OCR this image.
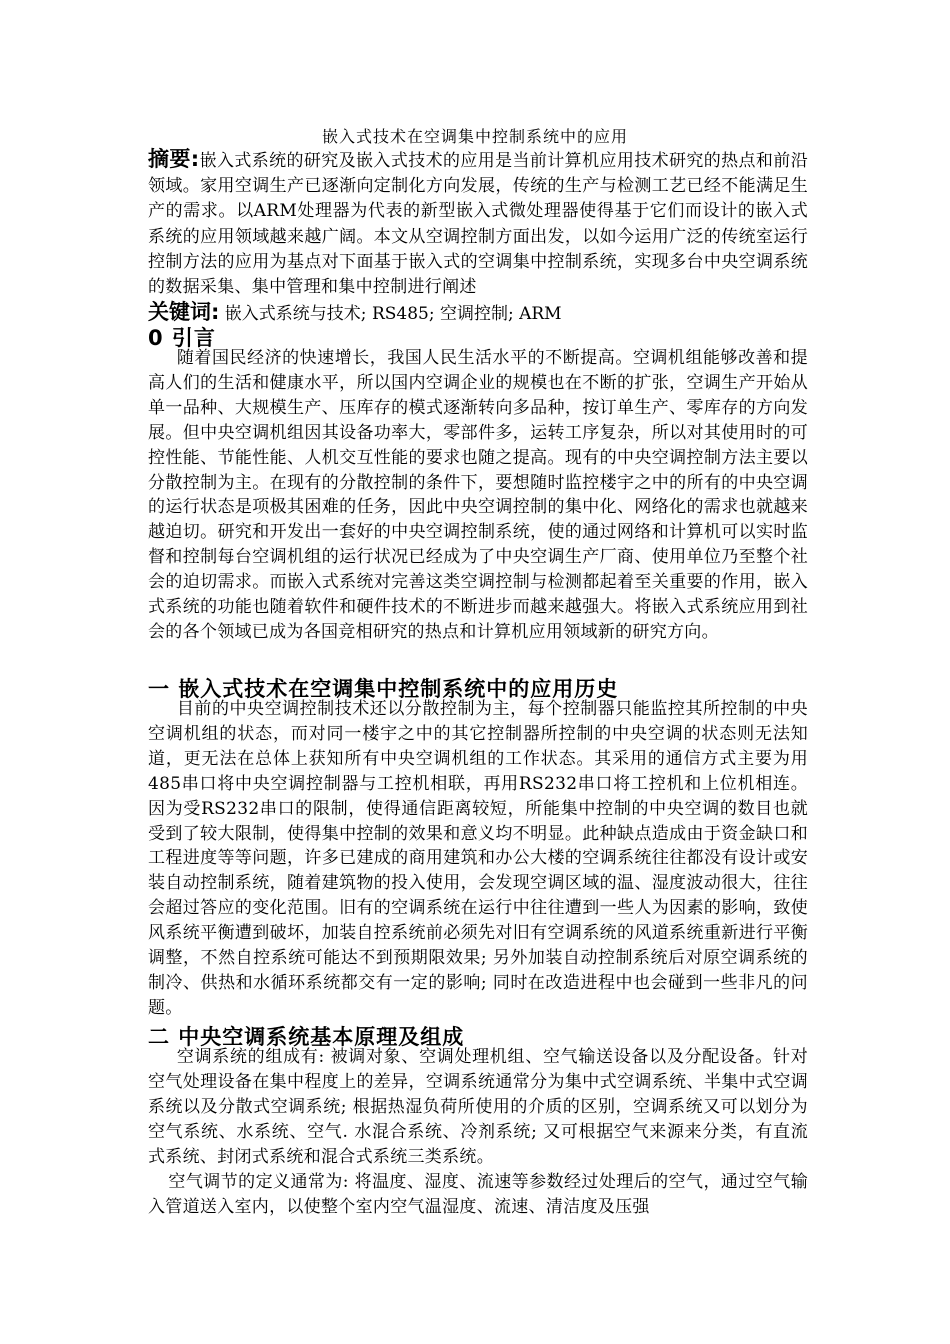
嵌入式技术在空调集中控制系统中的应用
摘要:嵌入式系统的研究及嵌入式技术的应用是当前计算机应用技术研究的热点和前沿领域。家用空调生产已逐渐向定制化方向发展，传统的生产与检测工艺已经不能满足生产的需求。以ARM处理器为代表的新型嵌入式微处理器使得基于它们而设计的嵌入式系统的应用领域越来越广阔。本文从空调控制方面出发，以如今运用广泛的传统室运行控制方法的应用为基点对下面基于嵌入式的空调集中控制系统，实现多台中央空调系统的数据采集、集中管理和集中控制进行阐述
关键词: 嵌入式系统与技术; RS485; 空调控制; ARM
0 引言
随着国民经济的快速增长，我国人民生活水平的不断提高。空调机组能够改善和提高人们的生活和健康水平，所以国内空调企业的规模也在不断的扩张，空调生产开始从单一品种、大规模生产、压库存的模式逐渐转向多品种，按订单生产、零库存的方向发展。但中央空调机组因其设备功率大，零部件多，运转工序复杂，所以对其使用时的可控性能、节能性能、人机交互性能的要求也随之提高。现有的中央空调控制方法主要以分散控制为主。在现有的分散控制的条件下，要想随时监控楼宇之中的所有的中央空调的运行状态是项极其困难的任务，因此中央空调控制的集中化、网络化的需求也就越来越迫切。研究和开发出一套好的中央空调控制系统，使的通过网络和计算机可以实时监督和控制每台空调机组的运行状况已经成为了中央空调生产厂商、使用单位乃至整个社会的迫切需求。而嵌入式系统对完善这类空调控制与检测都起着至关重要的作用，嵌入式系统的功能也随着软件和硬件技术的不断进步而越来越强大。将嵌入式系统应用到社会的各个领域已成为各国竞相研究的热点和计算机应用领域新的研究方向。
一 嵌入式技术在空调集中控制系统中的应用历史
目前的中央空调控制技术还以分散控制为主，每个控制器只能监控其所控制的中央空调机组的状态，而对同一楼宇之中的其它控制器所控制的中央空调的状态则无法知道，更无法在总体上获知所有中央空调机组的工作状态。其采用的通信方式主要为用485串口将中央空调控制器与工控机相联，再用RS232串口将工控机和上位机相连。因为受RS232串口的限制，使得通信距离较短，所能集中控制的中央空调的数目也就受到了较大限制，使得集中控制的效果和意义均不明显。此种缺点造成由于资金缺口和工程进度等等问题，许多已建成的商用建筑和办公大楼的空调系统往往都没有设计或安装自动控制系统，随着建筑物的投入使用，会发现空调区域的温、湿度波动很大，往往会超过答应的变化范围。旧有的空调系统在运行中往往遭到一些人为因素的影响，致使风系统平衡遭到破坏，加装自控系统前必须先对旧有空调系统的风道系统重新进行平衡调整，不然自控系统可能达不到预期限效果; 另外加装自动控制系统后对原空调系统的制冷、供热和水循环系统都交有一定的影响; 同时在改造进程中也会碰到一些非凡的问题。
二 中央空调系统基本原理及组成
空调系统的组成有: 被调对象、空调处理机组、空气输送设备以及分配设备。针对空气处理设备在集中程度上的差异，空调系统通常分为集中式空调系统、半集中式空调系统以及分散式空调系统; 根据热湿负荷所使用的介质的区别，空调系统又可以划分为空气系统、水系统、空气. 水混合系统、冷剂系统; 又可根据空气来源来分类，有直流式系统、封闭式系统和混合式系统三类系统。
空气调节的定义通常为: 将温度、湿度、流速等参数经过处理后的空气，通过空气输入管道送入室内，以使整个室内空气温湿度、流速、清洁度及压强
